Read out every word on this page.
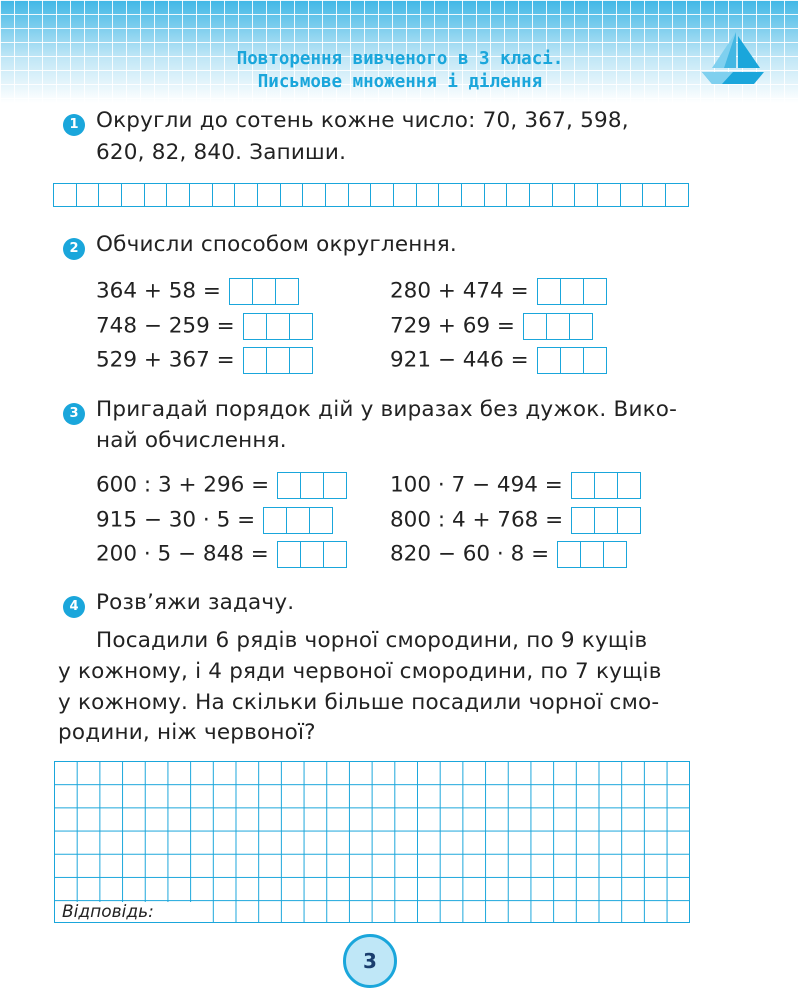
Повторення вивченого в 3 класі.
Письмове множення і ділення
1 Округли до сотень кожне число: 70, 367, 598,
620, 82, 840. Запиши.
2 Обчисли способом округлення.
364 + 58 =
748 − 259 =
529 + 367 =
280 + 474 =
729 + 69 =
921 − 446 =
3 Пригадай порядок дій у виразах без дужок. Вико-
най обчислення.
600 : 3 + 296 =
915 − 30 · 5 =
200 · 5 − 848 =
100 · 7 − 494 =
800 : 4 + 768 =
820 − 60 · 8 =
4 Розв’яжи задачу.
Посадили 6 рядів чорної смородини, по 9 кущів
у кожному, і 4 ряди червоної смородини, по 7 кущів
у кожному. На скільки більше посадили чорної смо-
родини, ніж червоної?
Відповідь:
3
